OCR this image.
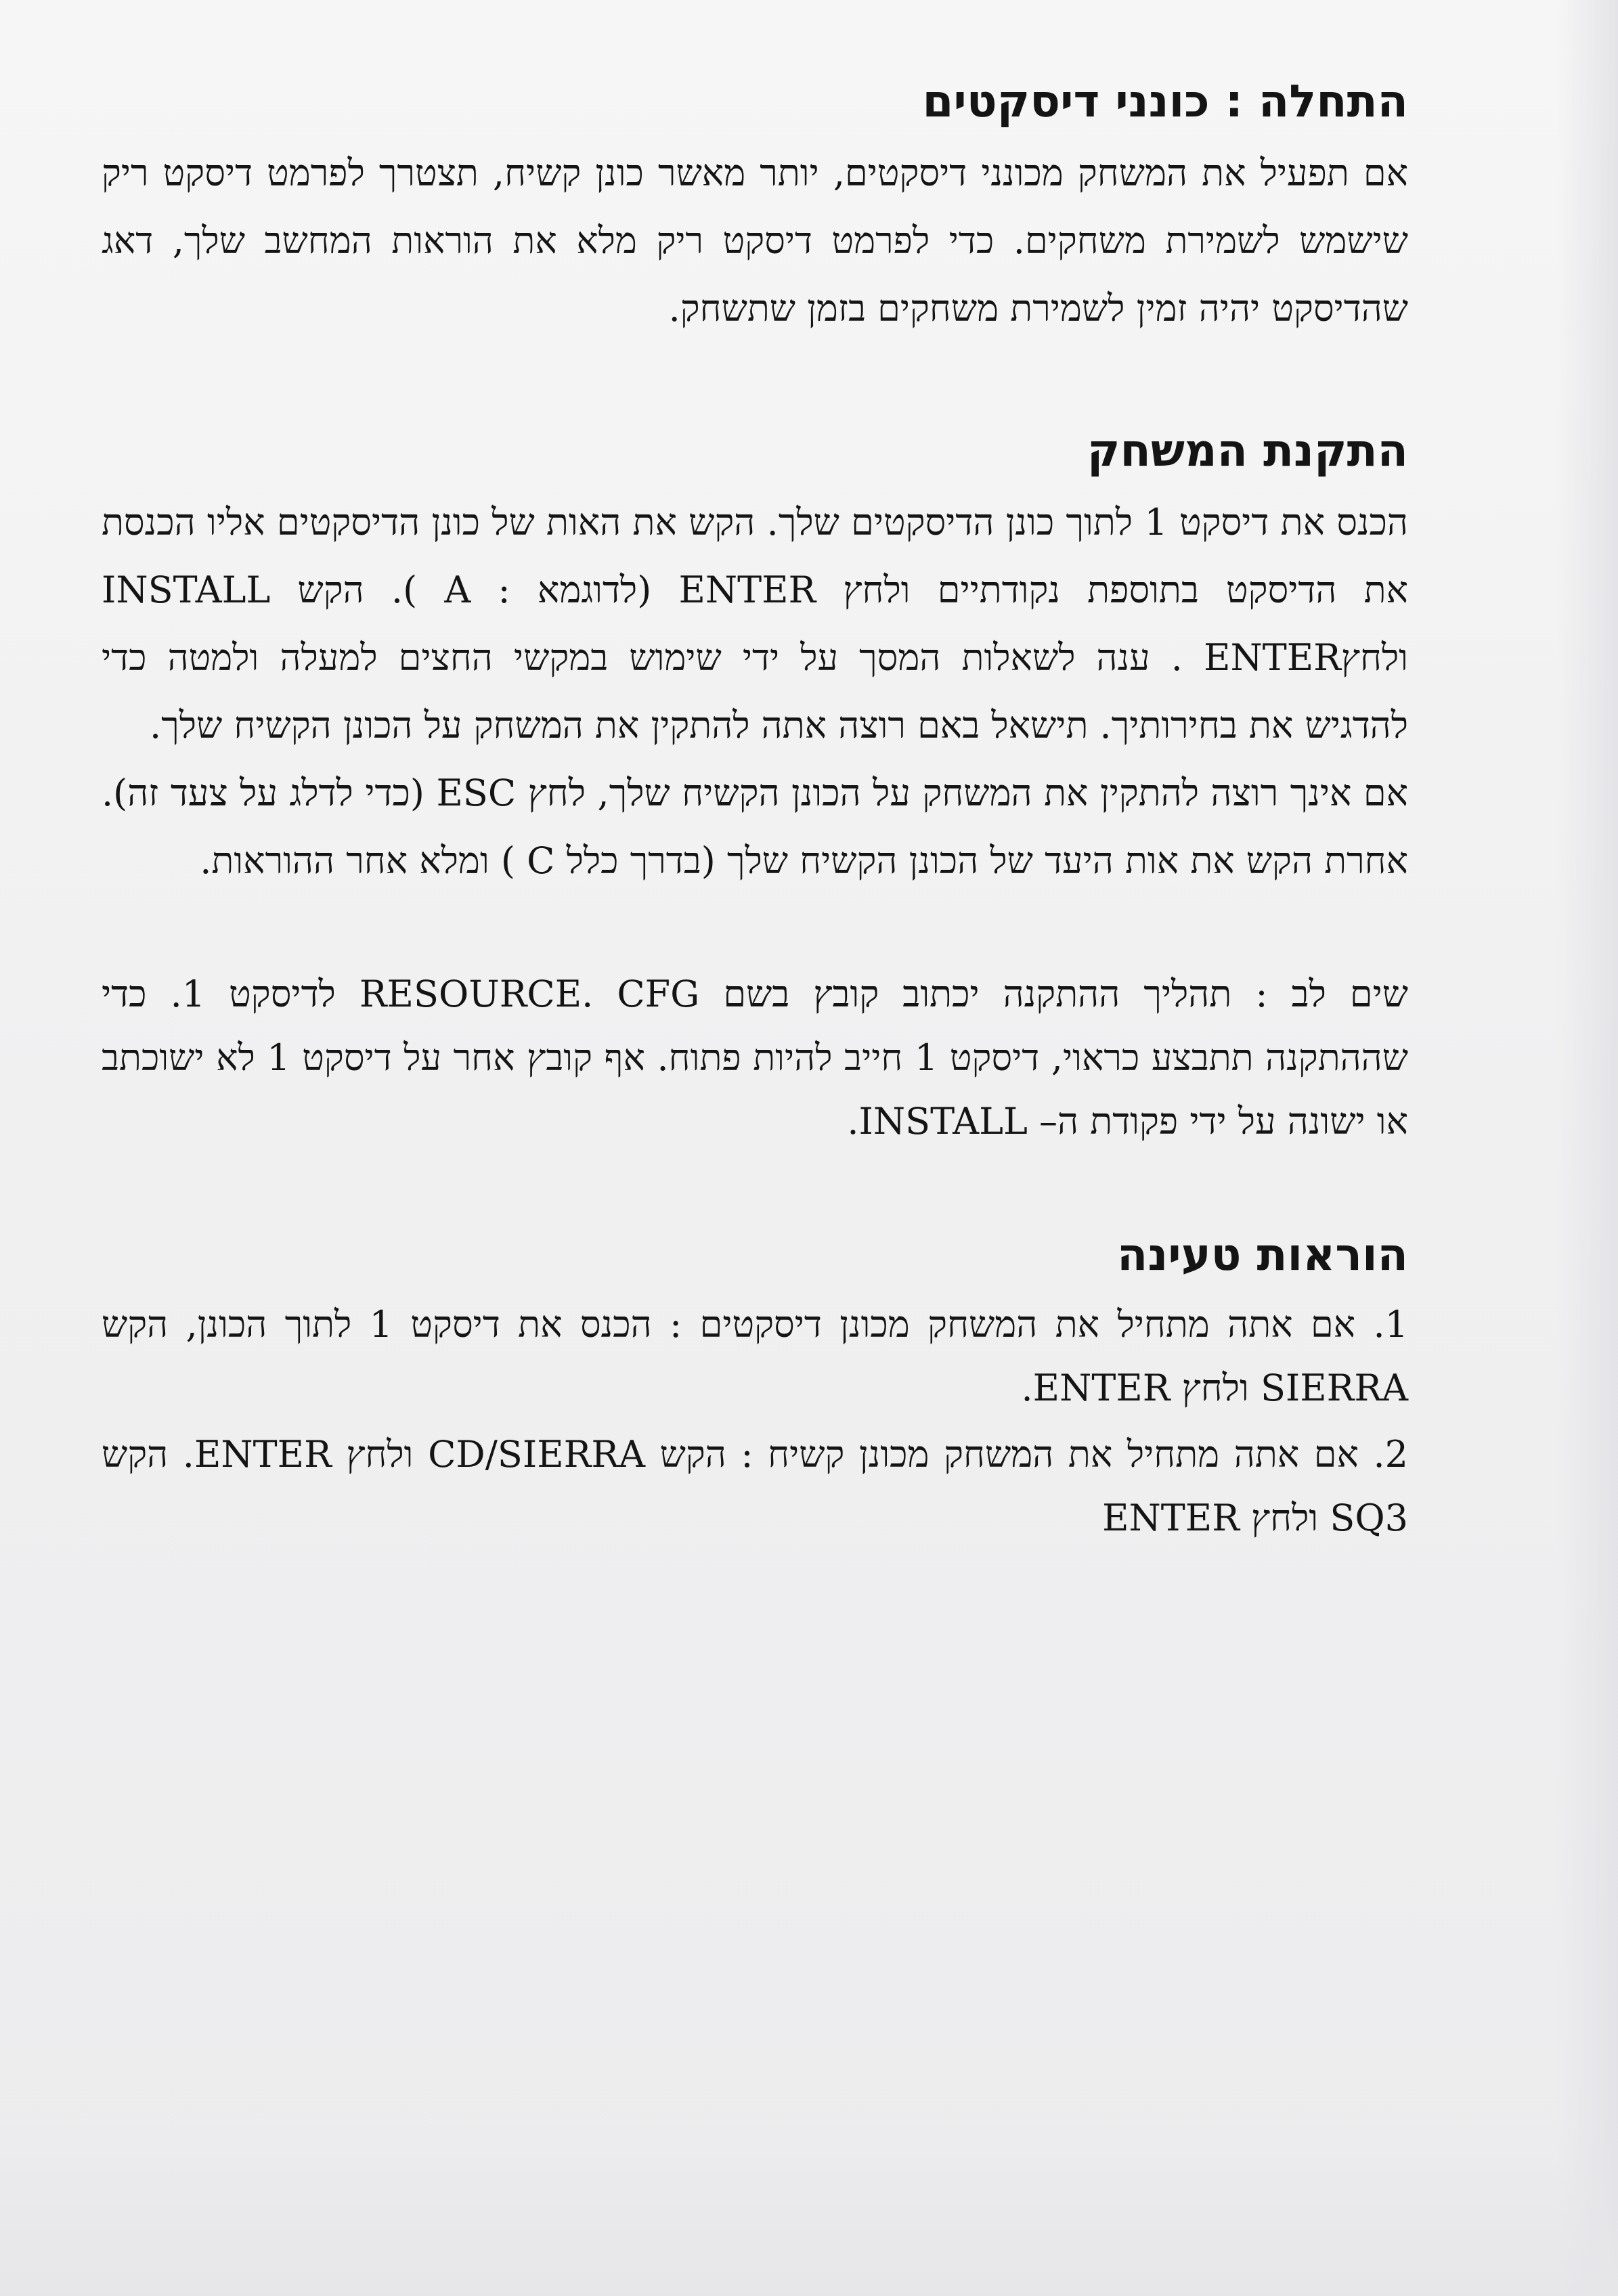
התחלה : כונני דיסקטים

אם תפעיל את המשחק מכונני דיסקטים, יותר מאשר כונן קשיח, תצטרך לפרמט דיסקט ריק שישמש לשמירת משחקים. כדי לפרמט דיסקט ריק מלא את הוראות המחשב שלך, דאג שהדיסקט יהיה זמין לשמירת משחקים בזמן שתשחק.

התקנת המשחק

הכנס את דיסקט 1 לתוך כונן הדיסקטים שלך. הקש את האות של כונן הדיסקטים אליו הכנסת את הדיסקט בתוספת נקודתיים ולחץ ENTER (לדוגמא : A ). הקש INSTALL ולחץENTER . ענה לשאלות המסך על ידי שימוש במקשי החצים למעלה ולמטה כדי להדגיש את בחירותיך. תישאל באם רוצה אתה להתקין את המשחק על הכונן הקשיח שלך.

אם אינך רוצה להתקין את המשחק על הכונן הקשיח שלך, לחץ ESC (כדי לדלג על צעד זה). אחרת הקש את אות היעד של הכונן הקשיח שלך (בדרך כלל C ) ומלא אחר ההוראות.

שים לב : תהליך ההתקנה יכתוב קובץ בשם RESOURCE. CFG לדיסקט 1. כדי שההתקנה תתבצע כראוי, דיסקט 1 חייב להיות פתוח. אף קובץ אחר על דיסקט 1 לא ישוכתב או ישונה על ידי פקודת ה– INSTALL.

הוראות טעינה

1. אם אתה מתחיל את המשחק מכונן דיסקטים : הכנס את דיסקט 1 לתוך הכונן, הקש SIERRA ולחץ ENTER.

2. אם אתה מתחיל את המשחק מכונן קשיח : הקש CD/SIERRA ולחץ ENTER. הקש SQ3 ולחץ ENTER
